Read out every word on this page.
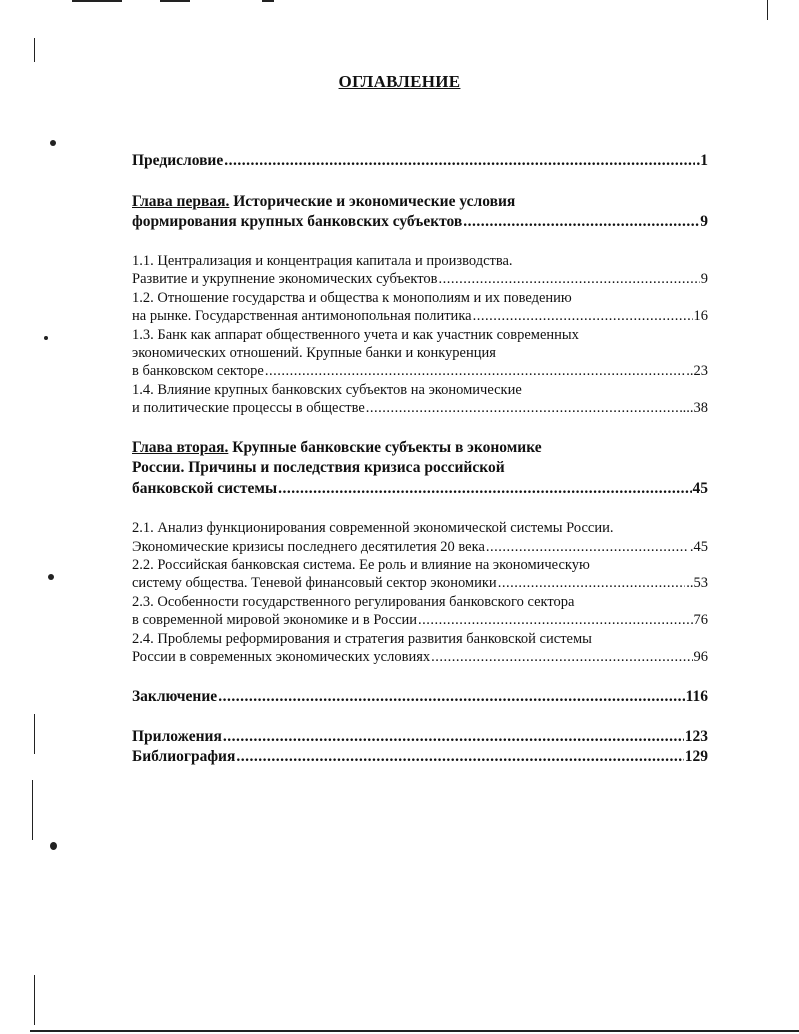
ОГЛАВЛЕНИЕ
Предисловие .....	.1
Глава первая. Исторические и экономические условия
формирования крупных банковских субъектов .....	9
1.1. Централизация и концентрация капитала и производства.
Развитие и укрупнение экономических субъектов .....	9
1.2. Отношение государства и общества к монополиям и их поведению
на рынке. Государственная антимонопольная политика .....	16
1.3. Банк как аппарат общественного учета и как участник современных
экономических отношений. Крупные банки и конкуренция
в банковском секторе .....	..23
1.4. Влияние крупных банковских субъектов на экономические
и политические процессы в обществе .....	...38
Глава вторая. Крупные банковские субъекты в экономике
России. Причины и последствия кризиса российской
банковской системы .....	45
2.1. Анализ функционирования современной экономической системы России.
Экономические кризисы последнего десятилетия 20 века .....	.45
2.2. Российская банковская система. Ее роль и влияние на экономическую
систему общества. Теневой финансовый сектор экономики .....	..53
2.3. Особенности государственного регулирования банковского сектора
в современной мировой экономике и в России .....	76
2.4. Проблемы реформирования и стратегия развития банковской системы
России в современных экономических условиях .....	96
Заключение .....	116
Приложения .....	123
Библиография .....	129
